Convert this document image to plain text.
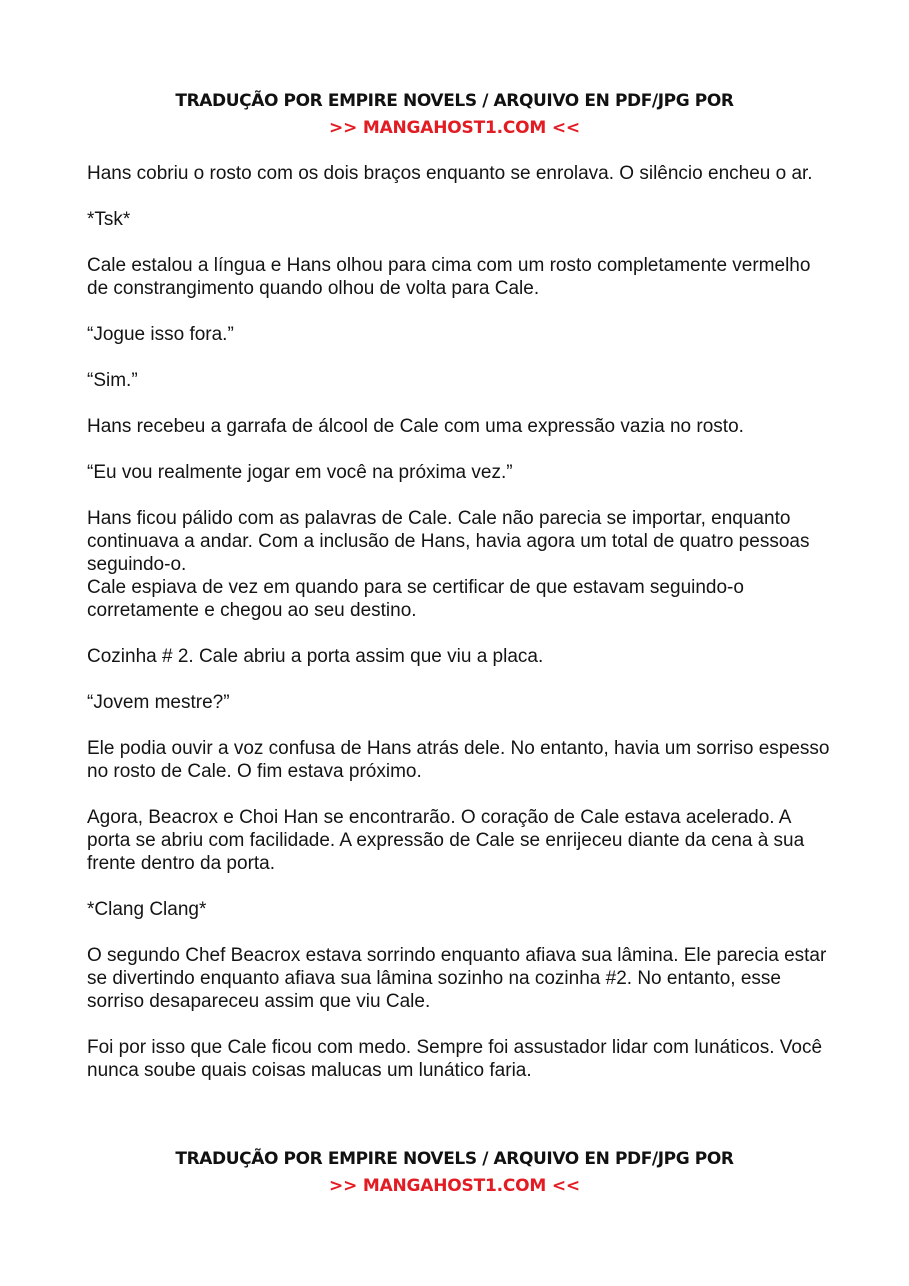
TRADUÇÃO POR EMPIRE NOVELS / ARQUIVO EN PDF/JPG POR
>> MANGAHOST1.COM <<

Hans cobriu o rosto com os dois braços enquanto se enrolava. O silêncio encheu o ar.

*Tsk*

Cale estalou a língua e Hans olhou para cima com um rosto completamente vermelho de constrangimento quando olhou de volta para Cale.

“Jogue isso fora.”

“Sim.”

Hans recebeu a garrafa de álcool de Cale com uma expressão vazia no rosto.

“Eu vou realmente jogar em você na próxima vez.”

Hans ficou pálido com as palavras de Cale. Cale não parecia se importar, enquanto continuava a andar. Com a inclusão de Hans, havia agora um total de quatro pessoas seguindo-o.

Cale espiava de vez em quando para se certificar de que estavam seguindo-o corretamente e chegou ao seu destino.

Cozinha # 2. Cale abriu a porta assim que viu a placa.

“Jovem mestre?”

Ele podia ouvir a voz confusa de Hans atrás dele. No entanto, havia um sorriso espesso no rosto de Cale. O fim estava próximo.

Agora, Beacrox e Choi Han se encontrarão. O coração de Cale estava acelerado. A porta se abriu com facilidade. A expressão de Cale se enrijeceu diante da cena à sua frente dentro da porta.

*Clang Clang*

O segundo Chef Beacrox estava sorrindo enquanto afiava sua lâmina. Ele parecia estar se divertindo enquanto afiava sua lâmina sozinho na cozinha #2. No entanto, esse sorriso desapareceu assim que viu Cale.

Foi por isso que Cale ficou com medo. Sempre foi assustador lidar com lunáticos. Você nunca soube quais coisas malucas um lunático faria.

TRADUÇÃO POR EMPIRE NOVELS / ARQUIVO EN PDF/JPG POR
>> MANGAHOST1.COM <<
